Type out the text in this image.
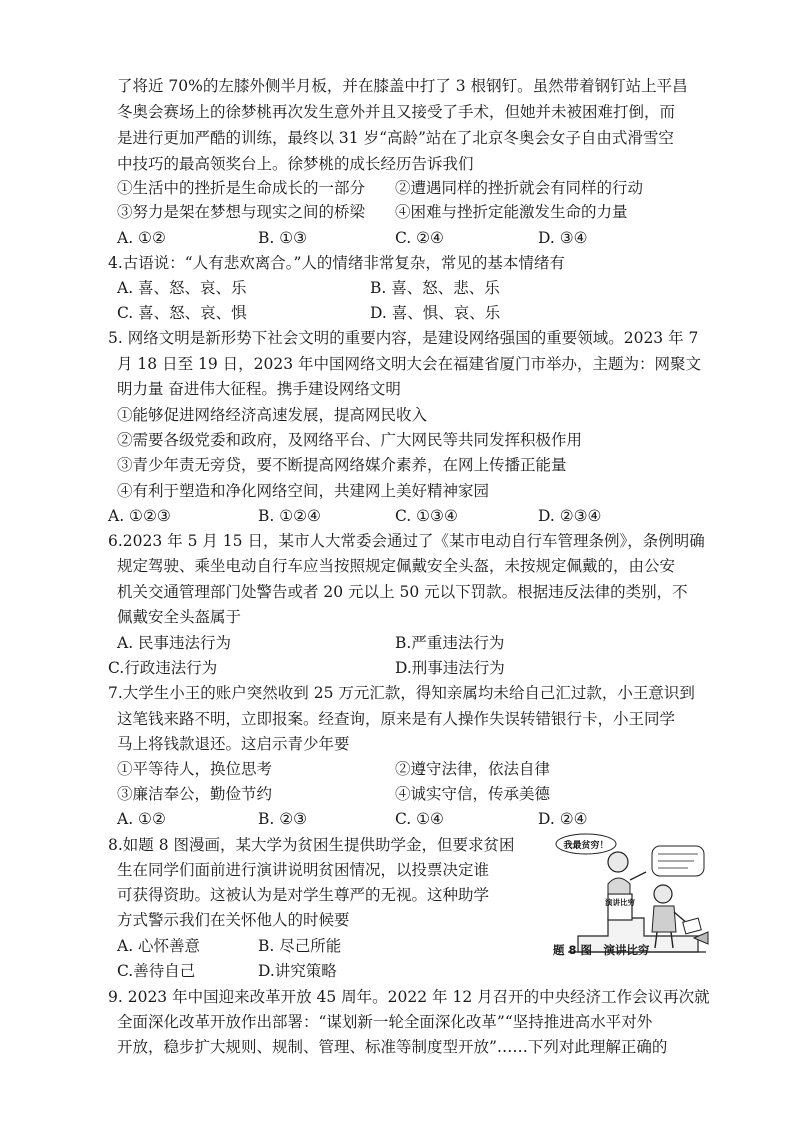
了将近 70%的左膝外侧半月板，并在膝盖中打了 3 根钢钉。虽然带着钢钉站上平昌
冬奥会赛场上的徐梦桃再次发生意外并且又接受了手术，但她并未被困难打倒，而
是进行更加严酷的训练，最终以 31 岁“高龄”站在了北京冬奥会女子自由式滑雪空
中技巧的最高领奖台上。徐梦桃的成长经历告诉我们
①生活中的挫折是生命成长的一部分 ②遭遇同样的挫折就会有同样的行动
③努力是架在梦想与现实之间的桥梁 ④困难与挫折定能激发生命的力量
A. ①②	B. ①③	C. ②④	D. ③④
4.古语说：“人有悲欢离合。”人的情绪非常复杂，常见的基本情绪有
A. 喜、怒、哀、乐	B. 喜、怒、悲、乐
C. 喜、怒、哀、惧	D. 喜、惧、哀、乐
5. 网络文明是新形势下社会文明的重要内容，是建设网络强国的重要领域。2023 年 7
月 18 日至 19 日，2023 年中国网络文明大会在福建省厦门市举办，主题为：网聚文
明力量 奋进伟大征程。携手建设网络文明
①能够促进网络经济高速发展，提高网民收入
②需要各级党委和政府，及网络平台、广大网民等共同发挥积极作用
③青少年责无旁贷，要不断提高网络媒介素养，在网上传播正能量
④有利于塑造和净化网络空间，共建网上美好精神家园
A. ①②③	B. ①②④	C. ①③④	D. ②③④
6.2023 年 5 月 15 日，某市人大常委会通过了《某市电动自行车管理条例》，条例明确
规定驾驶、乘坐电动自行车应当按照规定佩戴安全头盔，未按规定佩戴的，由公安
机关交通管理部门处警告或者 20 元以上 50 元以下罚款。根据违反法律的类别，不
佩戴安全头盔属于
A. 民事违法行为	B.严重违法行为
C.行政违法行为	D.刑事违法行为
7.大学生小王的账户突然收到 25 万元汇款，得知亲属均未给自己汇过款，小王意识到
这笔钱来路不明，立即报案。经查询，原来是有人操作失误转错银行卡，小王同学
马上将钱款退还。这启示青少年要
①平等待人，换位思考	②遵守法律，依法自律
③廉洁奉公，勤俭节约	④诚实守信，传承美德
A. ①②	B. ②③	C. ①④	D. ②④
8.如题 8 图漫画，某大学为贫困生提供助学金，但要求贫困
生在同学们面前进行演讲说明贫困情况，以投票决定谁
可获得资助。这被认为是对学生尊严的无视。这种助学
方式警示我们在关怀他人的时候要
A. 心怀善意	B. 尽己所能
C.善待自己	D.讲究策略
我最贫穷！
演讲比穷
题 8 图　演讲比穷
9. 2023 年中国迎来改革开放 45 周年。2022 年 12 月召开的中央经济工作会议再次就
全面深化改革开放作出部署：“谋划新一轮全面深化改革”“坚持推进高水平对外
开放，稳步扩大规则、规制、管理、标准等制度型开放”……下列对此理解正确的
